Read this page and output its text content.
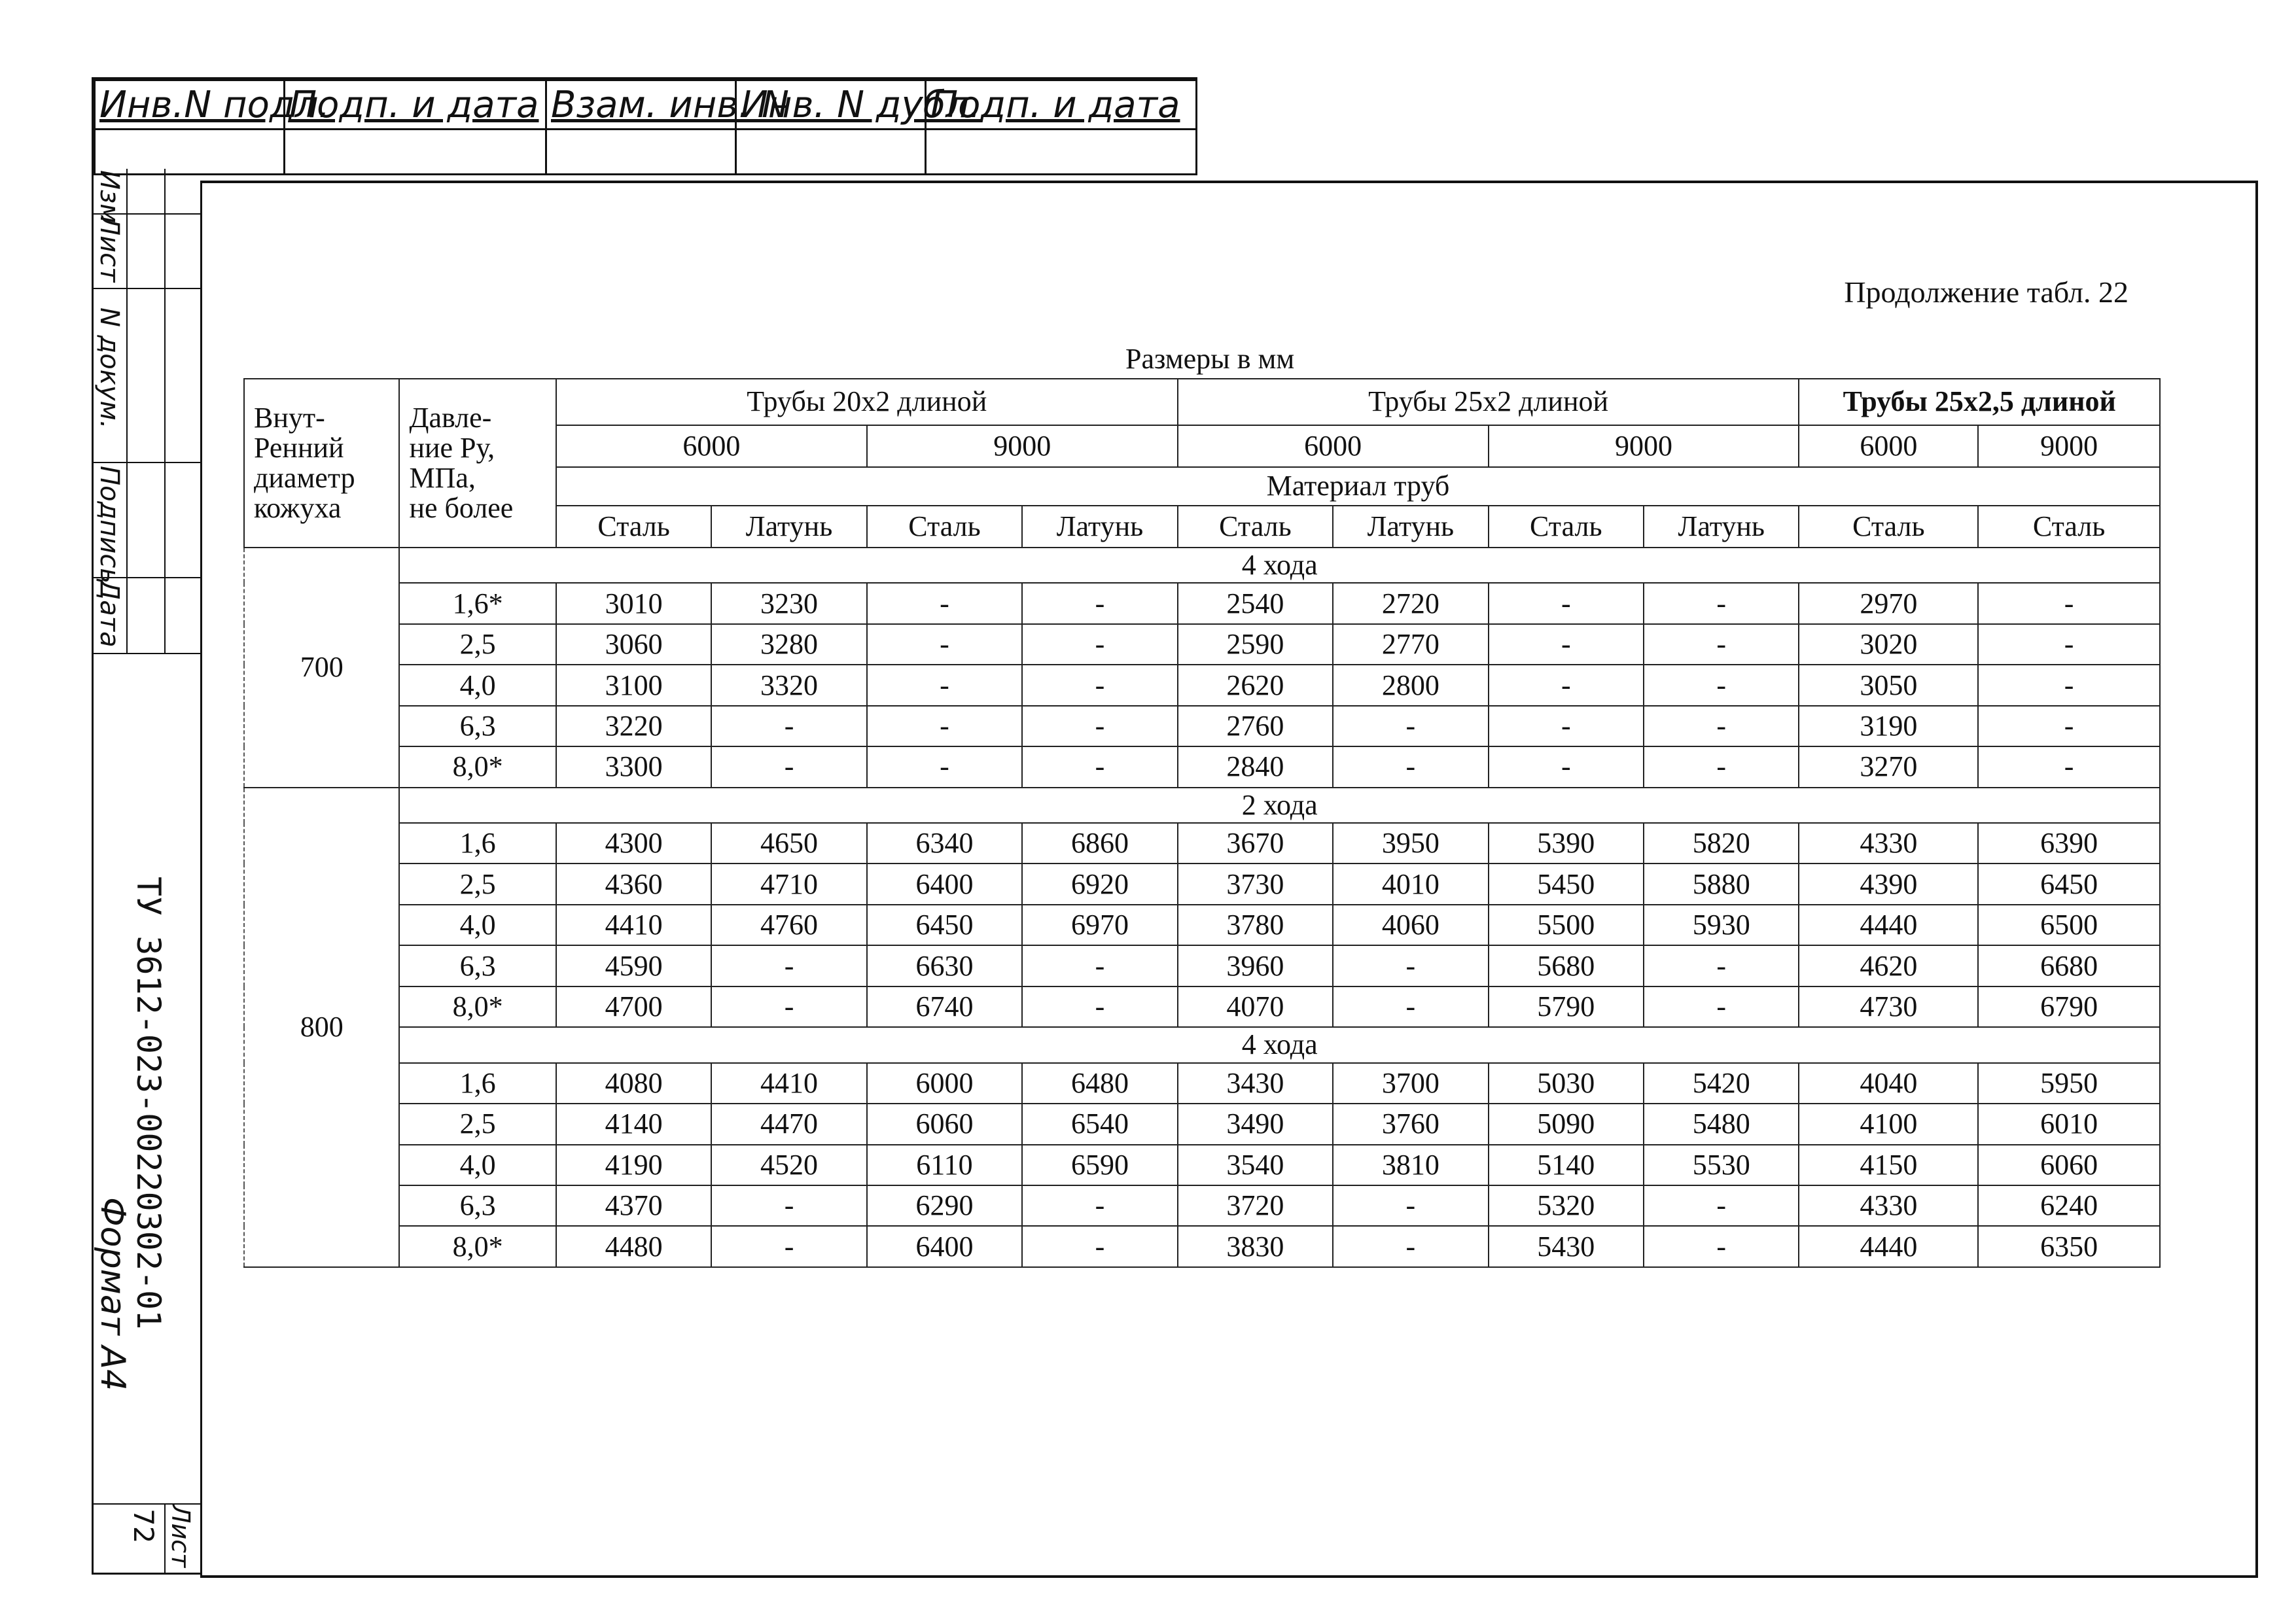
Инв.N подл.	Подп. и дата	Взам. инв. N	Инв. N дубл.	Подп. и дата

Изм
Лист
N докум.
Подпись
Дата
ТУ 3612-023-00220302-01
Формат А4
Лист
72
Продолжение табл. 22
Размеры в мм
Внут-
Ренний
диаметр
кожуха	Давле-
ние Ру,
МПа,
не более	Трубы 20х2 длиной				Трубы 25х2 длиной				Трубы 25х2,5 длиной	
		6000		9000		6000		9000		6000	9000
		Материал труб									
		Сталь	Латунь	Сталь	Латунь	Сталь	Латунь	Сталь	Латунь	Сталь	Сталь
700	4 хода										
	1,6*	3010	3230	-	-	2540	2720	-	-	2970	-
	2,5	3060	3280	-	-	2590	2770	-	-	3020	-
	4,0	3100	3320	-	-	2620	2800	-	-	3050	-
	6,3	3220	-	-	-	2760	-	-	-	3190	-
	8,0*	3300	-	-	-	2840	-	-	-	3270	-
800	2 хода										
	1,6	4300	4650	6340	6860	3670	3950	5390	5820	4330	6390
	2,5	4360	4710	6400	6920	3730	4010	5450	5880	4390	6450
	4,0	4410	4760	6450	6970	3780	4060	5500	5930	4440	6500
	6,3	4590	-	6630	-	3960	-	5680	-	4620	6680
	8,0*	4700	-	6740	-	4070	-	5790	-	4730	6790
	4 хода										
	1,6	4080	4410	6000	6480	3430	3700	5030	5420	4040	5950
	2,5	4140	4470	6060	6540	3490	3760	5090	5480	4100	6010
	4,0	4190	4520	6110	6590	3540	3810	5140	5530	4150	6060
	6,3	4370	-	6290	-	3720	-	5320	-	4330	6240
	8,0*	4480	-	6400	-	3830	-	5430	-	4440	6350
